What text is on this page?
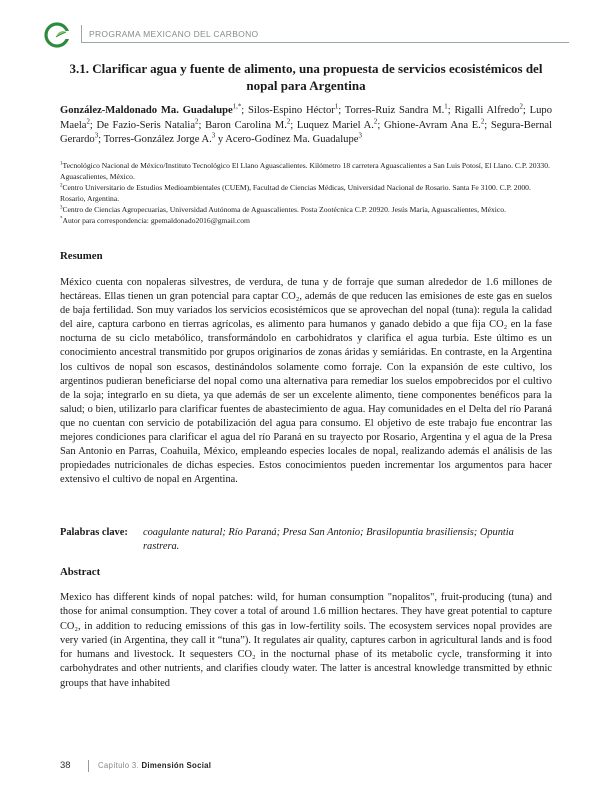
PROGRAMA MEXICANO DEL CARBONO
3.1. Clarificar agua y fuente de alimento, una propuesta de servicios ecosistémicos del nopal para Argentina
González-Maldonado Ma. Guadalupe$^{1,*}$; Silos-Espino Héctor$^1$; Torres-Ruiz Sandra M.$^1$; Rigalli Alfredo$^2$; Lupo Maela$^2$; De Fazio-Seris Natalia$^2$; Baron Carolina M.$^2$; Luquez Mariel A.$^2$; Ghione-Avram Ana E.$^2$; Segura-Bernal Gerardo$^3$; Torres-González Jorge A.$^3$ y Acero-Godínez Ma. Guadalupe$^3$

$^1$Tecnológico Nacional de México/Instituto Tecnológico El Llano Aguascalientes. Kilómetro 18 carretera Aguascalientes a San Luis Potosí, El Llano. C.P. 20330. Aguascalientes, México.

$^2$Centro Universitario de Estudios Medioambientales (CUEM), Facultad de Ciencias Médicas, Universidad Nacional de Rosario. Santa Fe 3100. C.P. 2000. Rosario, Argentina.

$^3$Centro de Ciencias Agropecuarias, Universidad Autónoma de Aguascalientes. Posta Zootécnica C.P. 20920. Jesús María, Aguascalientes, México.

*Autor para correspondencia: gpemaldonado2016@gmail.com

Resumen

México cuenta con nopaleras silvestres, de verdura, de tuna y de forraje que suman alrededor de 1.6 millones de hectáreas. Ellas tienen un gran potencial para captar CO₂, además de que reducen las emisiones de este gas en suelos de baja fertilidad. Son muy variados los servicios ecosistémicos que se aprovechan del nopal (tuna): regula la calidad del aire, captura carbono en tierras agrícolas, es alimento para humanos y ganado debido a que fija CO₂ en la fase nocturna de su ciclo metabólico, transformándolo en carbohidratos y clarifica el agua turbia. Este último es un conocimiento ancestral transmitido por grupos originarios de zonas áridas y semiáridas. En contraste, en la Argentina los cultivos de nopal son escasos, destinándolos solamente como forraje. Con la expansión de este cultivo, los argentinos pudieran beneficiarse del nopal como una alternativa para remediar los suelos empobrecidos por el cultivo de la soja; integrarlo en su dieta, ya que además de ser un excelente alimento, tiene componentes benéficos para la salud; o bien, utilizarlo para clarificar fuentes de abastecimiento de agua. Hay comunidades en el Delta del río Paraná que no cuentan con servicio de potabilización del agua para consumo. El objetivo de este trabajo fue encontrar las mejores condiciones para clarificar el agua del río Paraná en su trayecto por Rosario, Argentina y el agua de la Presa San Antonio en Parras, Coahuila, México, empleando especies locales de nopal, realizando además el análisis de las propiedades nutricionales de dichas especies. Estos conocimientos pueden incrementar los argumentos para hacer extensivo el cultivo de nopal en Argentina.

Palabras clave: coagulante natural; Río Paraná; Presa San Antonio; Brasilopuntia brasiliensis; Opuntia rastrera.
Abstract

Mexico has different kinds of nopal patches: wild, for human consumption "nopalitos", fruit-producing (tuna) and those for animal consumption. They cover a total of around 1.6 million hectares. They have great potential to capture CO₂, in addition to reducing emissions of this gas in low-fertility soils. The ecosystem services nopal provides are very varied (in Argentina, they call it “tuna”). It regulates air quality, captures carbon in agricultural lands and is food for humans and livestock. It sequesters CO₂ in the nocturnal phase of its metabolic cycle, transforming it into carbohydrates and other nutrients, and clarifies cloudy water. The latter is ancestral knowledge transmitted by ethnic groups that have inhabited

38	Capítulo 3. Dimensión Social
